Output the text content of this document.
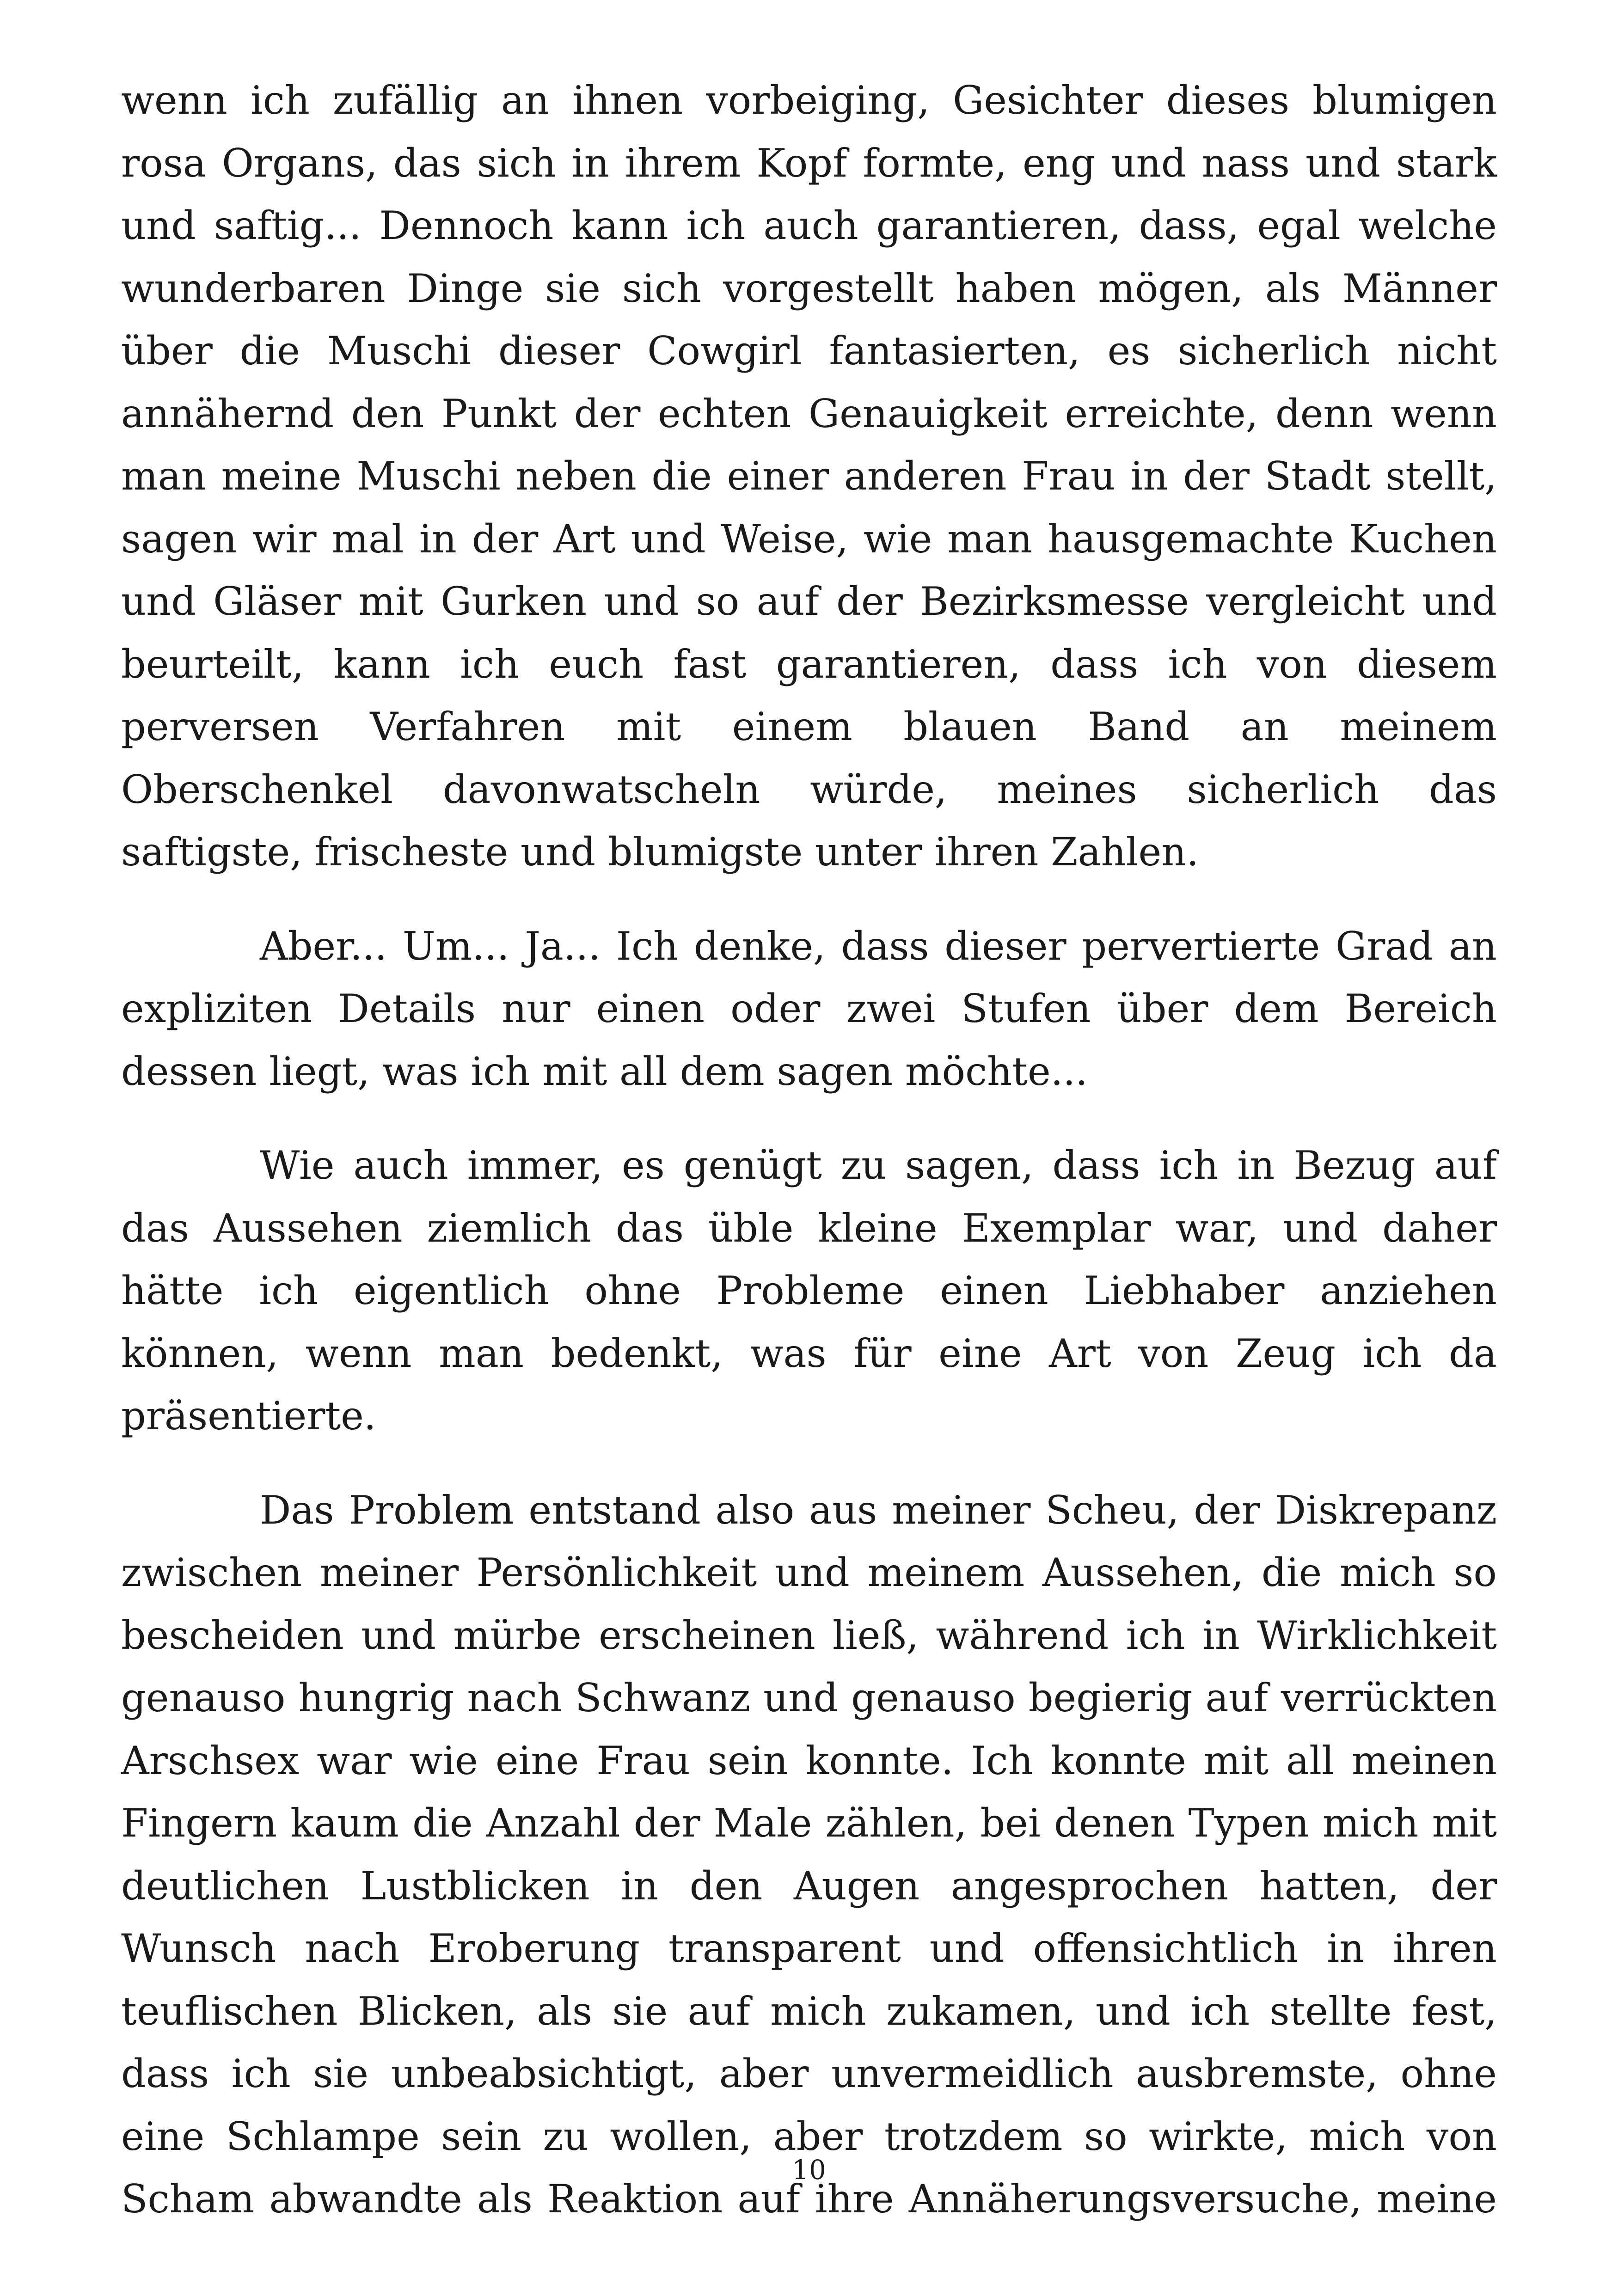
wenn ich zufällig an ihnen vorbeiging, Gesichter dieses blumigen rosa Organs, das sich in ihrem Kopf formte, eng und nass und stark und saftig... Dennoch kann ich auch garantieren, dass, egal welche wunderbaren Dinge sie sich vorgestellt haben mögen, als Männer über die Muschi dieser Cowgirl fantasierten, es sicherlich nicht annähernd den Punkt der echten Genauigkeit erreichte, denn wenn man meine Muschi neben die einer anderen Frau in der Stadt stellt, sagen wir mal in der Art und Weise, wie man hausgemachte Kuchen und Gläser mit Gurken und so auf der Bezirksmesse vergleicht und beurteilt, kann ich euch fast garantieren, dass ich von diesem perversen Verfahren mit einem blauen Band an meinem Oberschenkel davonwatscheln würde, meines sicherlich das saftigste, frischeste und blumigste unter ihren Zahlen.

Aber... Um... Ja... Ich denke, dass dieser pervertierte Grad an expliziten Details nur einen oder zwei Stufen über dem Bereich dessen liegt, was ich mit all dem sagen möchte...

Wie auch immer, es genügt zu sagen, dass ich in Bezug auf das Aussehen ziemlich das üble kleine Exemplar war, und daher hätte ich eigentlich ohne Probleme einen Liebhaber anziehen können, wenn man bedenkt, was für eine Art von Zeug ich da präsentierte.

Das Problem entstand also aus meiner Scheu, der Diskrepanz zwischen meiner Persönlichkeit und meinem Aussehen, die mich so bescheiden und mürbe erscheinen ließ, während ich in Wirklichkeit genauso hungrig nach Schwanz und genauso begierig auf verrückten Arschsex war wie eine Frau sein konnte. Ich konnte mit all meinen Fingern kaum die Anzahl der Male zählen, bei denen Typen mich mit deutlichen Lustblicken in den Augen angesprochen hatten, der Wunsch nach Eroberung transparent und offensichtlich in ihren teuflischen Blicken, als sie auf mich zukamen, und ich stellte fest, dass ich sie unbeabsichtigt, aber unvermeidlich ausbremste, ohne eine Schlampe sein zu wollen, aber trotzdem so wirkte, mich von Scham abwandte als Reaktion auf ihre Annäherungsversuche, meine

10
